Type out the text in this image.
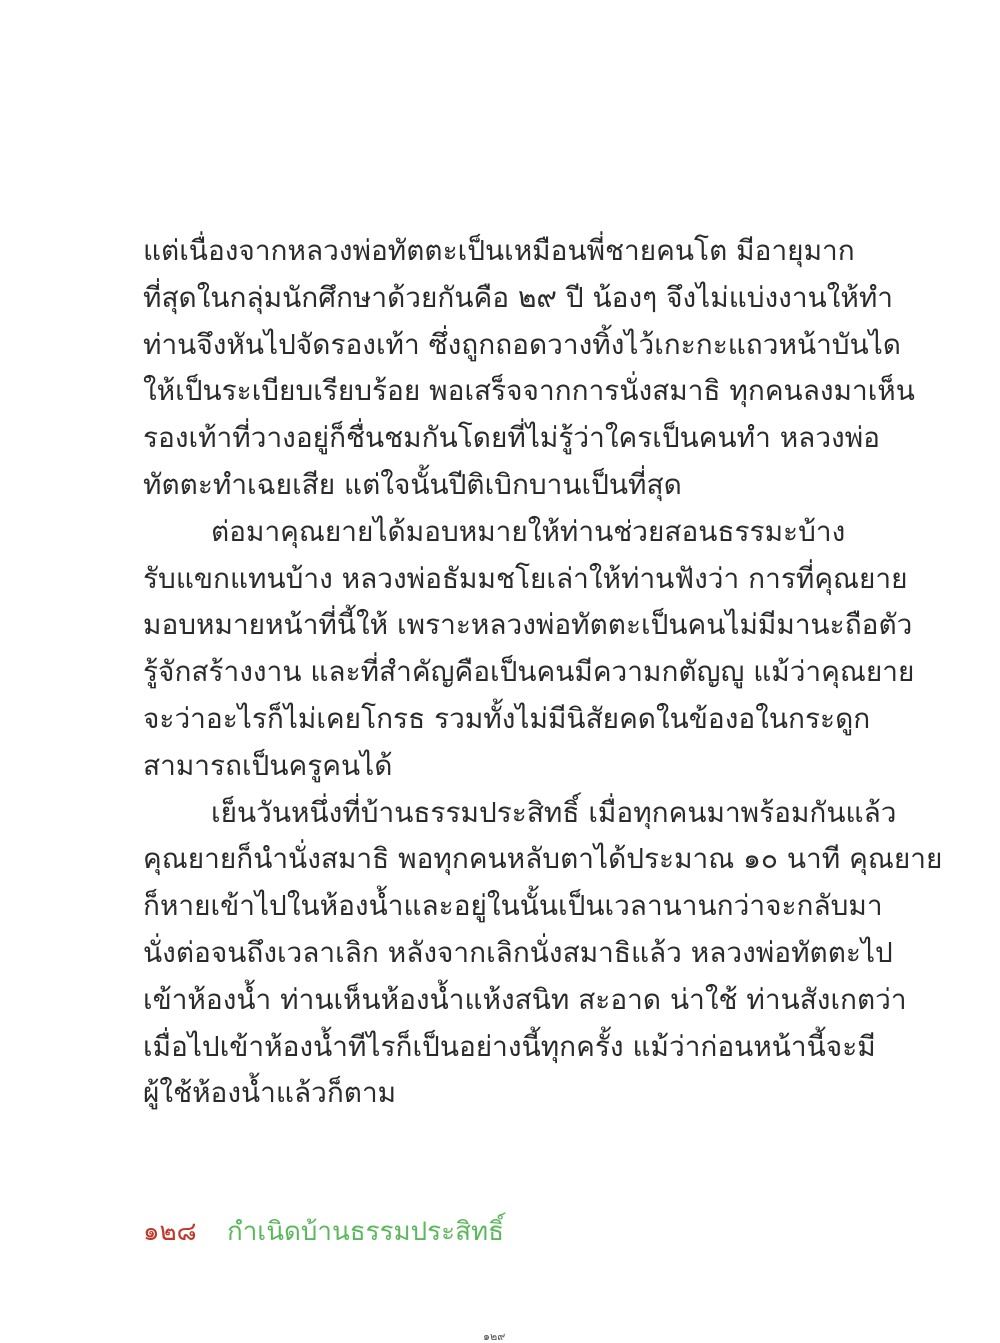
แต่เนื่องจากหลวงพ่อทัตตะเป็นเหมือนพี่ชายคนโต มีอายุมาก
ที่สุดในกลุ่มนักศึกษาด้วยกันคือ ๒๙ ปี น้องๆ จึงไม่แบ่งงานให้ทำ
ท่านจึงหันไปจัดรองเท้า ซึ่งถูกถอดวางทิ้งไว้เกะกะแถวหน้าบันได
ให้เป็นระเบียบเรียบร้อย พอเสร็จจากการนั่งสมาธิ ทุกคนลงมาเห็น
รองเท้าที่วางอยู่ก็ชื่นชมกันโดยที่ไม่รู้ว่าใครเป็นคนทำ หลวงพ่อ
ทัตตะทำเฉยเสีย แต่ใจนั้นปีติเบิกบานเป็นที่สุด
ต่อมาคุณยายได้มอบหมายให้ท่านช่วยสอนธรรมะบ้าง
รับแขกแทนบ้าง หลวงพ่อธัมมชโยเล่าให้ท่านฟังว่า การที่คุณยาย
มอบหมายหน้าที่นี้ให้ เพราะหลวงพ่อทัตตะเป็นคนไม่มีมานะถือตัว
รู้จักสร้างงาน และที่สำคัญคือเป็นคนมีความกตัญญู แม้ว่าคุณยาย
จะว่าอะไรก็ไม่เคยโกรธ รวมทั้งไม่มีนิสัยคดในข้องอในกระดูก
สามารถเป็นครูคนได้
เย็นวันหนึ่งที่บ้านธรรมประสิทธิ์ เมื่อทุกคนมาพร้อมกันแล้ว
คุณยายก็นำนั่งสมาธิ พอทุกคนหลับตาได้ประมาณ ๑๐ นาที คุณยาย
ก็หายเข้าไปในห้องน้ำและอยู่ในนั้นเป็นเวลานานกว่าจะกลับมา
นั่งต่อจนถึงเวลาเลิก หลังจากเลิกนั่งสมาธิแล้ว หลวงพ่อทัตตะไป
เข้าห้องน้ำ ท่านเห็นห้องน้ำแห้งสนิท สะอาด น่าใช้ ท่านสังเกตว่า
เมื่อไปเข้าห้องน้ำทีไรก็เป็นอย่างนี้ทุกครั้ง แม้ว่าก่อนหน้านี้จะมี
ผู้ใช้ห้องน้ำแล้วก็ตาม
๑๒๘ กำเนิดบ้านธรรมประสิทธิ์
๑๒๙
